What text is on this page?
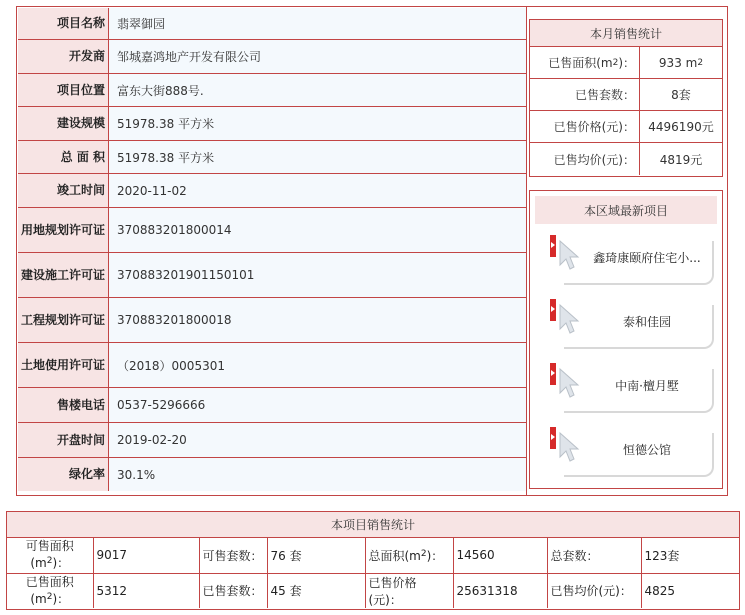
项目名称	翡翠御园
开发商	邹城嘉鸿地产开发有限公司
项目位置	富东大街888号.
建设规模	51978.38 平方米
总 面 积	51978.38 平方米
竣工时间	2020-11-02
用地规划许可证	370883201800014
建设施工许可证	370883201901150101
工程规划许可证	370883201800018
土地使用许可证	（2018）0005301
售楼电话	0537-5296666
开盘时间	2019-02-20
绿化率	30.1%
本月销售统计
已售面积(m 2 )： 933 m 2
已售套数：	8套
已售价格(元)：	4496190元
已售均价(元)：	4819元
本区域最新项目
鑫琦康颐府住宅小...
泰和佳园
中南·檀月墅
恒德公馆
本项目销售统计
可售面积
$(m^2)$：	9017	可售套数：	76 套	总面积$(m^2)$：	14560	总套数：	123套
已售面积
$(m^2)$：	5312	已售套数：	45 套	已售价格(元)：	25631318	已售均价(元)：	4825
